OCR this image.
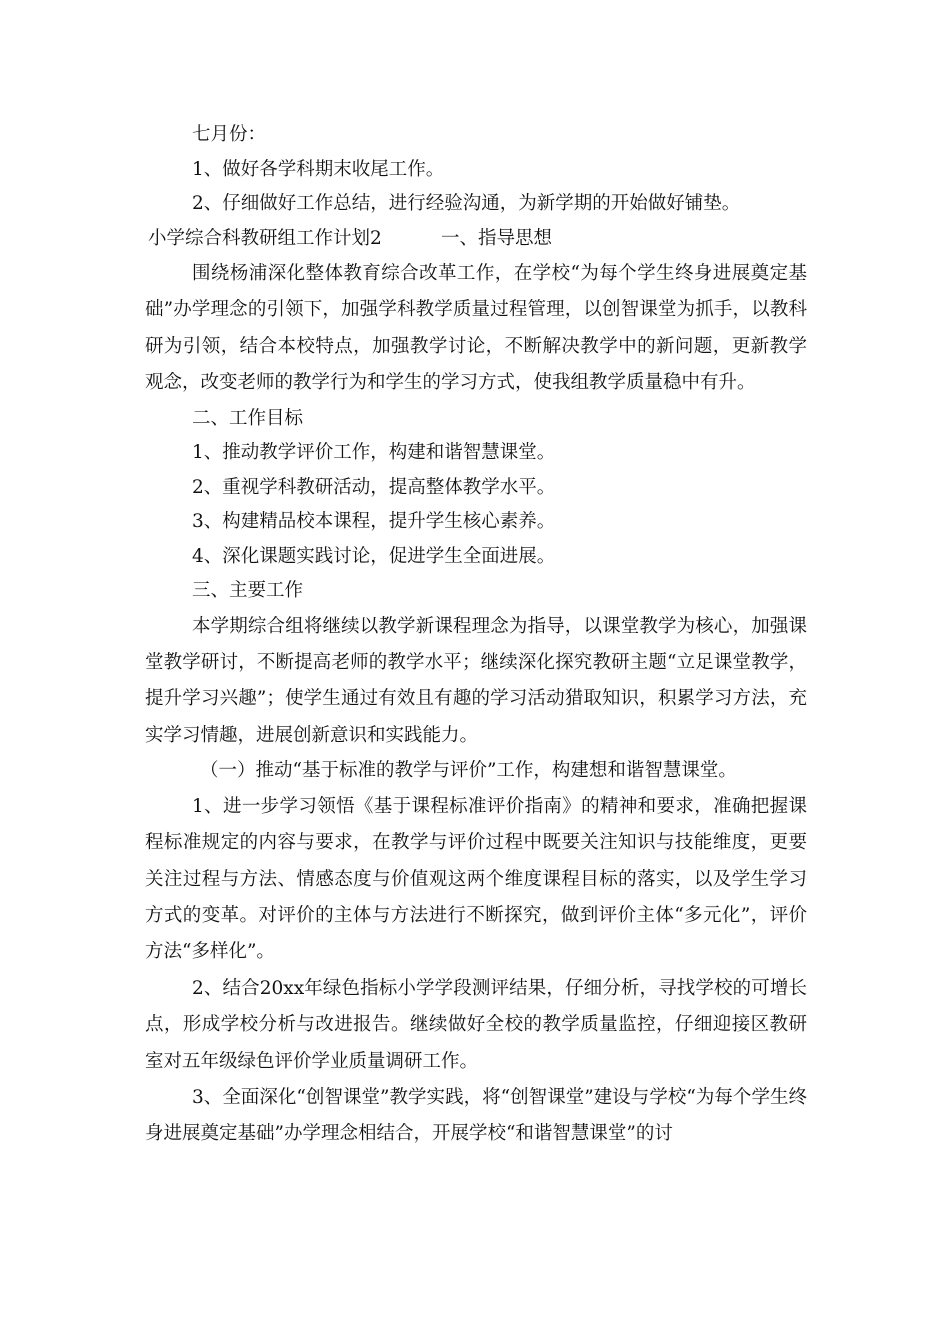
七月份：

1、做好各学科期末收尾工作。

2、仔细做好工作总结，进行经验沟通，为新学期的开始做好铺垫。

小学综合科教研组工作计划2	一、指导思想

围绕杨浦深化整体教育综合改革工作，在学校“为每个学生终身进展奠定基础”办学理念的引领下，加强学科教学质量过程管理，以创智课堂为抓手，以教科研为引领，结合本校特点，加强教学讨论，不断解决教学中的新问题，更新教学观念，改变老师的教学行为和学生的学习方式，使我组教学质量稳中有升。

二、工作目标

1、推动教学评价工作，构建和谐智慧课堂。

2、重视学科教研活动，提高整体教学水平。

3、构建精品校本课程，提升学生核心素养。

4、深化课题实践讨论，促进学生全面进展。

三、主要工作

本学期综合组将继续以教学新课程理念为指导，以课堂教学为核心，加强课堂教学研讨，不断提高老师的教学水平；继续深化探究教研主题“立足课堂教学，提升学习兴趣”；使学生通过有效且有趣的学习活动猎取知识，积累学习方法，充实学习情趣，进展创新意识和实践能力。

（一）推动“基于标准的教学与评价”工作，构建想和谐智慧课堂。

1、进一步学习领悟《基于课程标准评价指南》的精神和要求，准确把握课程标准规定的内容与要求，在教学与评价过程中既要关注知识与技能维度，更要关注过程与方法、情感态度与价值观这两个维度课程目标的落实，以及学生学习方式的变革。对评价的主体与方法进行不断探究，做到评价主体“多元化”，评价方法“多样化”。

2、结合20xx年绿色指标小学学段测评结果，仔细分析，寻找学校的可增长点，形成学校分析与改进报告。继续做好全校的教学质量监控，仔细迎接区教研室对五年级绿色评价学业质量调研工作。

3、全面深化“创智课堂”教学实践，将“创智课堂”建设与学校“为每个学生终身进展奠定基础”办学理念相结合，开展学校“和谐智慧课堂”的讨
